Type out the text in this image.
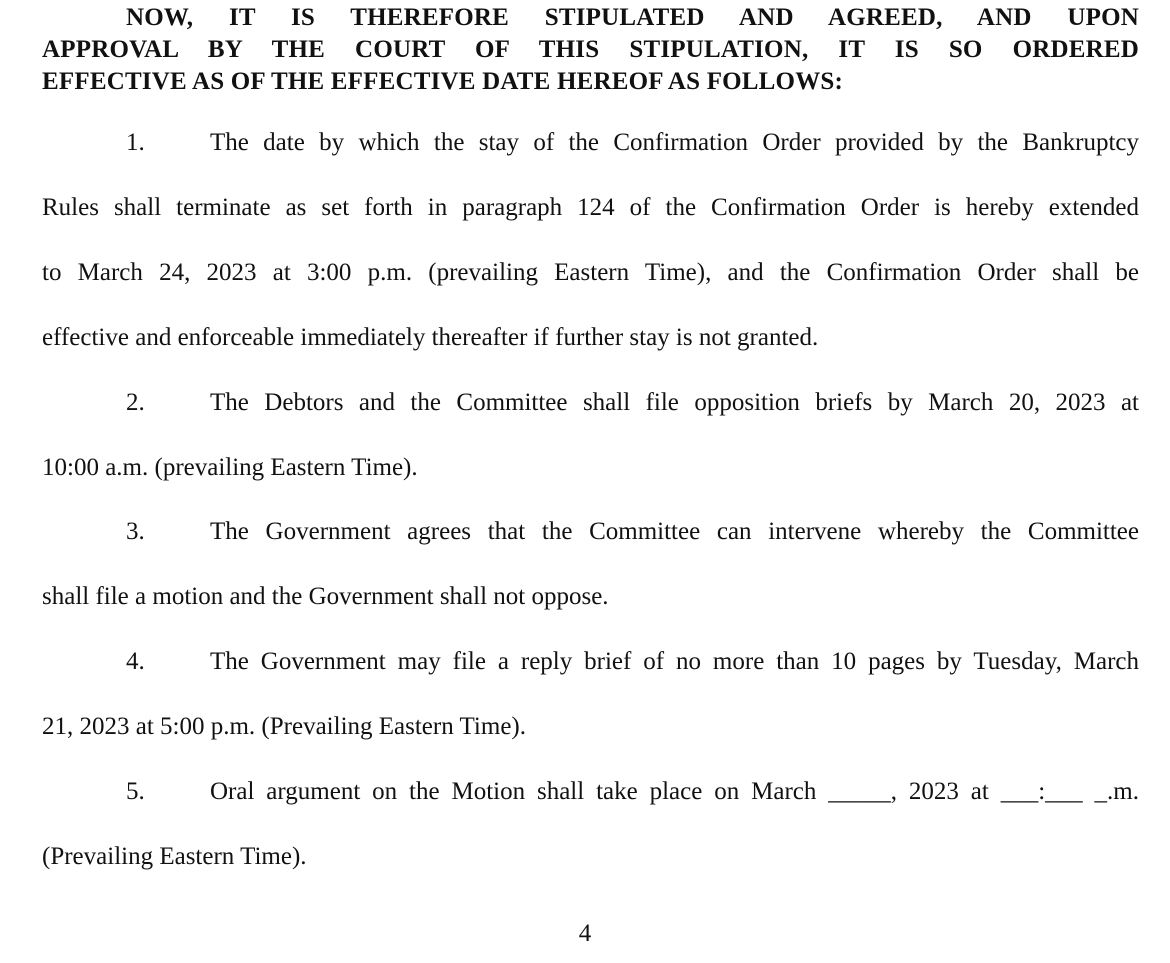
NOW, IT IS THEREFORE STIPULATED AND AGREED, AND UPON
APPROVAL BY THE COURT OF THIS STIPULATION, IT IS SO ORDERED
EFFECTIVE AS OF THE EFFECTIVE DATE HEREOF AS FOLLOWS:
1.	The date by which the stay of the Confirmation Order provided by the Bankruptcy
Rules shall terminate as set forth in paragraph 124 of the Confirmation Order is hereby extended
to March 24, 2023 at 3:00 p.m. (prevailing Eastern Time), and the Confirmation Order shall be
effective and enforceable immediately thereafter if further stay is not granted.
2.	The Debtors and the Committee shall file opposition briefs by March 20, 2023 at
10:00 a.m. (prevailing Eastern Time).
3.	The Government agrees that the Committee can intervene whereby the Committee
shall file a motion and the Government shall not oppose.
4.	The Government may file a reply brief of no more than 10 pages by Tuesday, March
21, 2023 at 5:00 p.m. (Prevailing Eastern Time).
5.	Oral argument on the Motion shall take place on March _____, 2023 at ___:___ _.m.
(Prevailing Eastern Time).
4
